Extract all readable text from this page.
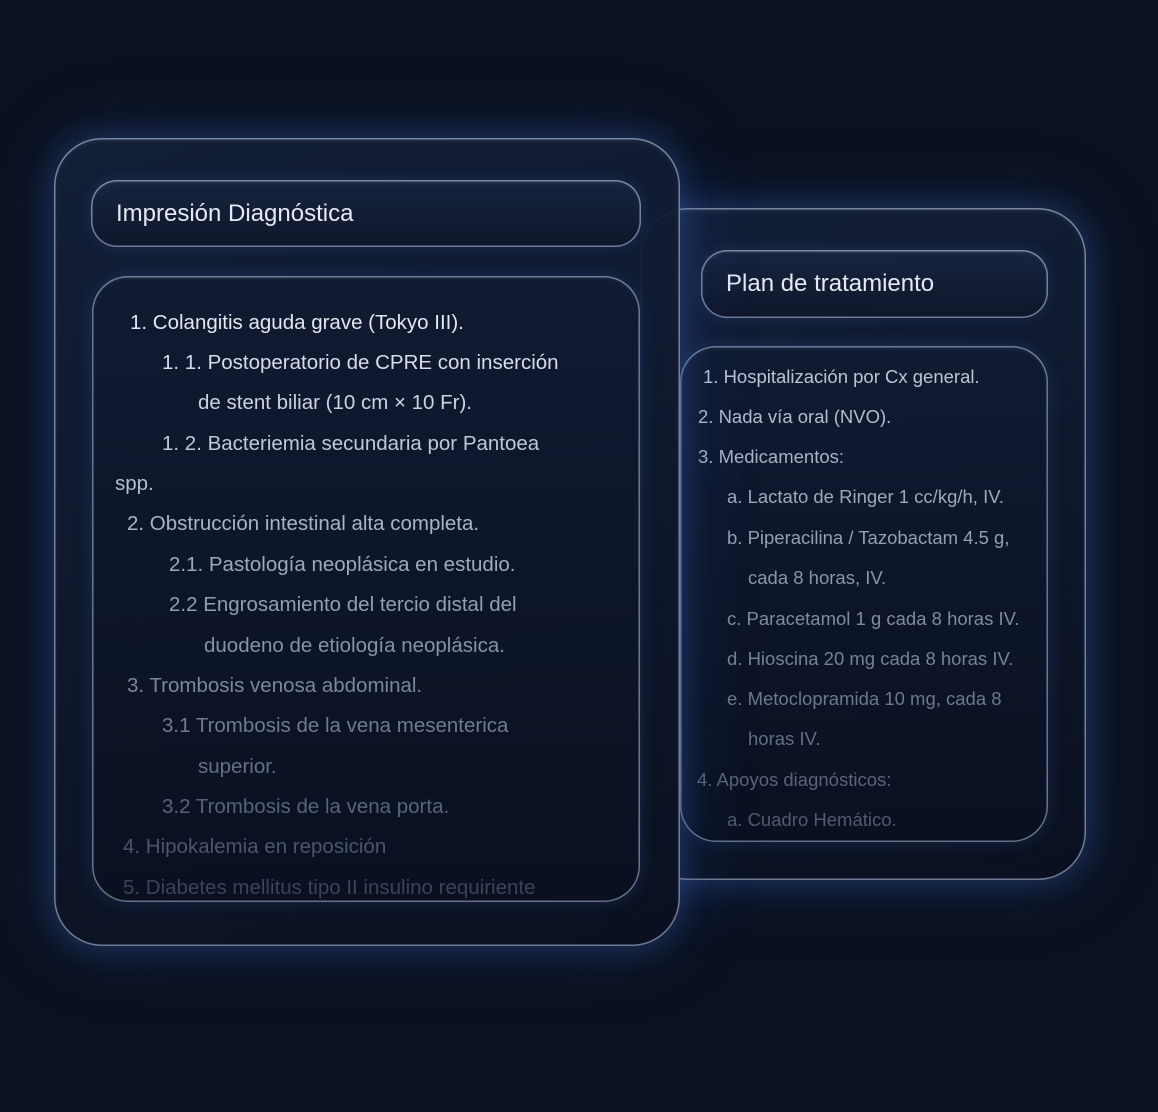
Plan de tratamiento
1. Hospitalización por Cx general.
2. Nada vía oral (NVO).
3. Medicamentos:
a. Lactato de Ringer 1 cc/kg/h, IV.
b. Piperacilina / Tazobactam 4.5 g,
cada 8 horas, IV.
c. Paracetamol 1 g cada 8 horas IV.
d. Hioscina 20 mg cada 8 horas IV.
e. Metoclopramida 10 mg, cada 8
horas IV.
4. Apoyos diagnósticos:
a. Cuadro Hemático.
Impresión Diagnóstica
1. Colangitis aguda grave (Tokyo III).
1. 1. Postoperatorio de CPRE con inserción
de stent biliar (10 cm × 10 Fr).
1. 2. Bacteriemia secundaria por Pantoea
spp.
2. Obstrucción intestinal alta completa.
2.1. Pastología neoplásica en estudio.
2.2 Engrosamiento del tercio distal del
duodeno de etiología neoplásica.
3. Trombosis venosa abdominal.
3.1 Trombosis de la vena mesenterica
superior.
3.2 Trombosis de la vena porta.
4. Hipokalemia en reposición
5. Diabetes mellitus tipo II insulino requiriente
